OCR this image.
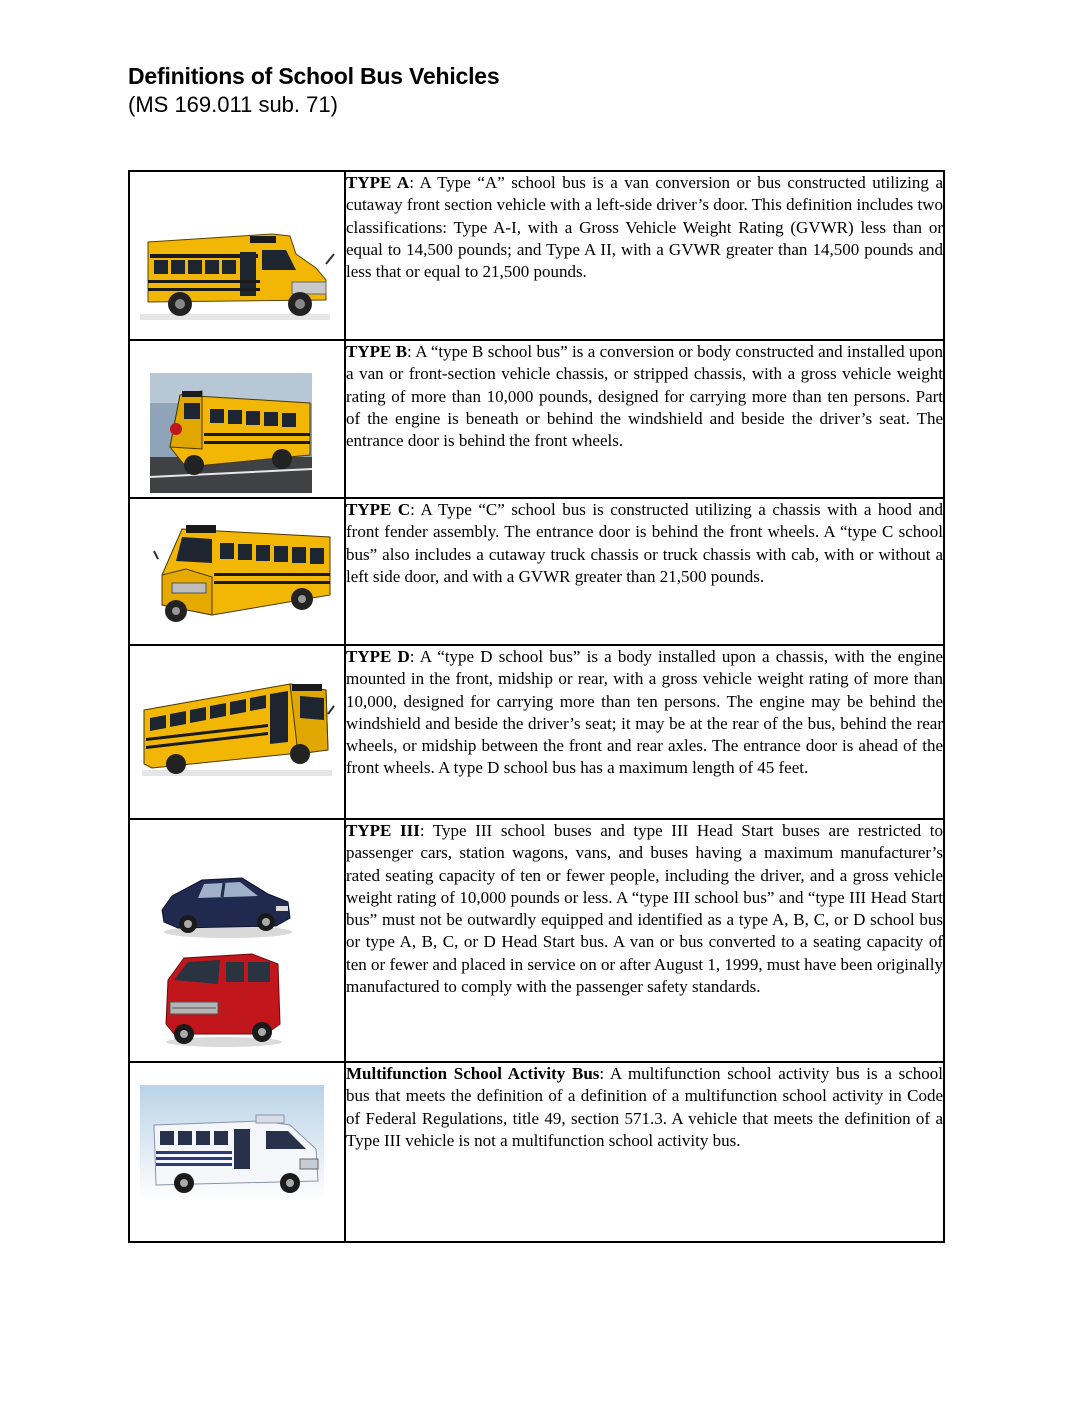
Definitions of School Bus Vehicles

(MS 169.011 sub. 71)

TYPE A: A Type “A” school bus is a van conversion or bus constructed utilizing a cutaway front section vehicle with a left-side driver’s door. This definition includes two classifications: Type A-I, with a Gross Vehicle Weight Rating (GVWR) less than or equal to 14,500 pounds; and Type A II, with a GVWR greater than 14,500 pounds and less that or equal to 21,500 pounds.

TYPE B: A “type B school bus” is a conversion or body constructed and installed upon a van or front-section vehicle chassis, or stripped chassis, with a gross vehicle weight rating of more than 10,000 pounds, designed for carrying more than ten persons. Part of the engine is beneath or behind the windshield and beside the driver’s seat. The entrance door is behind the front wheels.

TYPE C: A Type “C” school bus is constructed utilizing a chassis with a hood and front fender assembly. The entrance door is behind the front wheels. A “type C school bus” also includes a cutaway truck chassis or truck chassis with cab, with or without a left side door, and with a GVWR greater than 21,500 pounds.

TYPE D: A “type D school bus” is a body installed upon a chassis, with the engine mounted in the front, midship or rear, with a gross vehicle weight rating of more than 10,000, designed for carrying more than ten persons. The engine may be behind the windshield and beside the driver’s seat; it may be at the rear of the bus, behind the rear wheels, or midship between the front and rear axles. The entrance door is ahead of the front wheels. A type D school bus has a maximum length of 45 feet.

TYPE III: Type III school buses and type III Head Start buses are restricted to passenger cars, station wagons, vans, and buses having a maximum manufacturer’s rated seating capacity of ten or fewer people, including the driver, and a gross vehicle weight rating of 10,000 pounds or less. A “type III school bus” and “type III Head Start bus” must not be outwardly equipped and identified as a type A, B, C, or D school bus or type A, B, C, or D Head Start bus. A van or bus converted to a seating capacity of ten or fewer and placed in service on or after August 1, 1999, must have been originally manufactured to comply with the passenger safety standards.

Multifunction School Activity Bus: A multifunction school activity bus is a school bus that meets the definition of a definition of a multifunction school activity in Code of Federal Regulations, title 49, section 571.3. A vehicle that meets the definition of a Type III vehicle is not a multifunction school activity bus.
